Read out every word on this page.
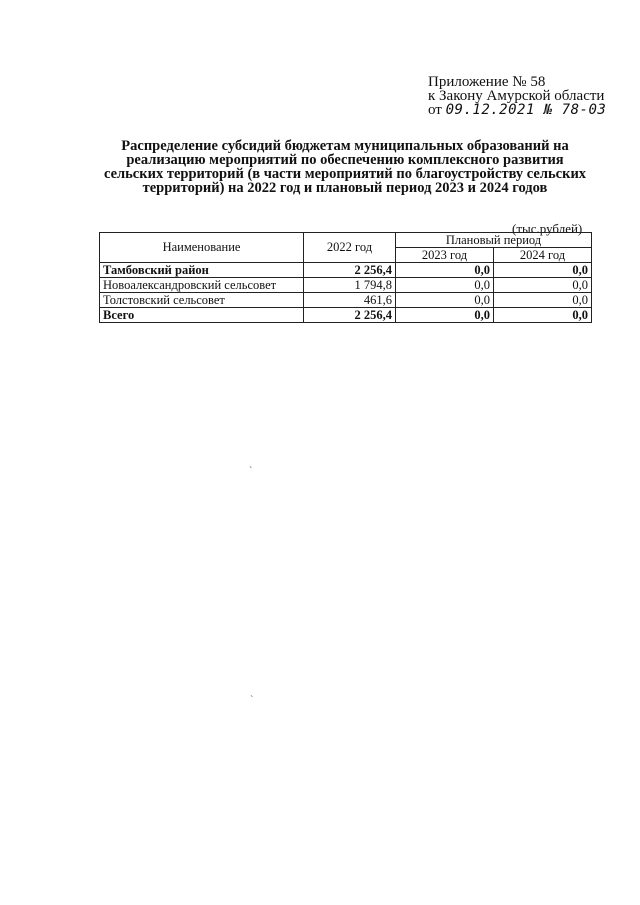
Приложение № 58
к Закону Амурской области
от 09.12.2021 № 78-03
Распределение субсидий бюджетам муниципальных образований на реализацию мероприятий по обеспечению комплексного развития сельских территорий (в части мероприятий по благоустройству сельских территорий) на 2022 год и плановый период 2023 и 2024 годов
(тыс.рублей)
Наименование	2022 год	Плановый период	
		2023 год	2024 год
Тамбовский район	2 256,4	0,0	0,0
Новоалександровский сельсовет	1 794,8	0,0	0,0
Толстовский сельсовет	461,6	0,0	0,0
Всего	2 256,4	0,0	0,0
`
`
